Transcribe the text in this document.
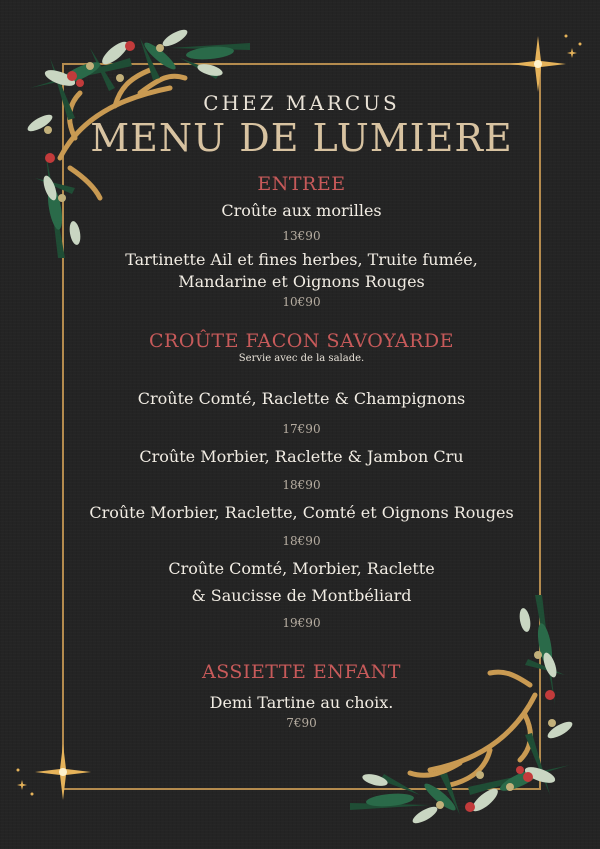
CHEZ MARCUS
MENU DE LUMIERE
ENTREE
Croûte aux morilles
13€90
Tartinette Ail et fines herbes, Truite fumée,
Mandarine et Oignons Rouges
10€90
CROÛTE FACON SAVOYARDE
Servie avec de la salade.
Croûte Comté, Raclette & Champignons
17€90
Croûte Morbier, Raclette & Jambon Cru
18€90
Croûte Morbier, Raclette, Comté et Oignons Rouges
18€90
Croûte Comté, Morbier, Raclette
& Saucisse de Montbéliard
19€90
ASSIETTE ENFANT
Demi Tartine au choix.
7€90
